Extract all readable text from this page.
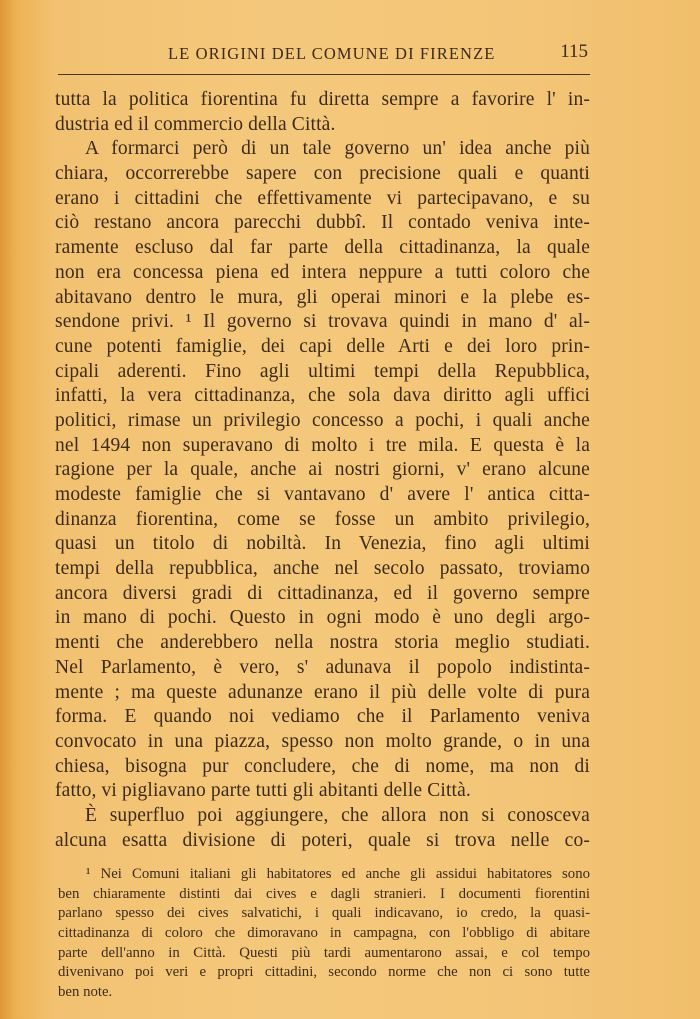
LE ORIGINI DEL COMUNE DI FIRENZE	115
tutta la politica fiorentina fu diretta sempre a favorire l' in-
dustria ed il commercio della Città.
A formarci però di un tale governo un' idea anche più
chiara, occorrerebbe sapere con precisione quali e quanti
erano i cittadini che effettivamente vi partecipavano, e su
ciò restano ancora parecchi dubbî. Il contado veniva inte-
ramente escluso dal far parte della cittadinanza, la quale
non era concessa piena ed intera neppure a tutti coloro che
abitavano dentro le mura, gli operai minori e la plebe es-
sendone privi. ¹ Il governo si trovava quindi in mano d' al-
cune potenti famiglie, dei capi delle Arti e dei loro prin-
cipali aderenti. Fino agli ultimi tempi della Repubblica,
infatti, la vera cittadinanza, che sola dava diritto agli uffici
politici, rimase un privilegio concesso a pochi, i quali anche
nel 1494 non superavano di molto i tre mila. E questa è la
ragione per la quale, anche ai nostri giorni, v' erano alcune
modeste famiglie che si vantavano d' avere l' antica citta-
dinanza fiorentina, come se fosse un ambito privilegio,
quasi un titolo di nobiltà. In Venezia, fino agli ultimi
tempi della repubblica, anche nel secolo passato, troviamo
ancora diversi gradi di cittadinanza, ed il governo sempre
in mano di pochi. Questo in ogni modo è uno degli argo-
menti che anderebbero nella nostra storia meglio studiati.
Nel Parlamento, è vero, s' adunava il popolo indistinta-
mente ; ma queste adunanze erano il più delle volte di pura
forma. E quando noi vediamo che il Parlamento veniva
convocato in una piazza, spesso non molto grande, o in una
chiesa, bisogna pur concludere, che di nome, ma non di
fatto, vi pigliavano parte tutti gli abitanti delle Città.
È superfluo poi aggiungere, che allora non si conosceva
alcuna esatta divisione di poteri, quale si trova nelle co-
¹ Nei Comuni italiani gli habitatores ed anche gli assidui habitatores sono
ben chiaramente distinti dai cives e dagli stranieri. I documenti fiorentini
parlano spesso dei cives salvatichi, i quali indicavano, io credo, la quasi-
cittadinanza di coloro che dimoravano in campagna, con l'obbligo di abitare
parte dell'anno in Città. Questi più tardi aumentarono assai, e col tempo
divenivano poi veri e propri cittadini, secondo norme che non ci sono tutte
ben note.
